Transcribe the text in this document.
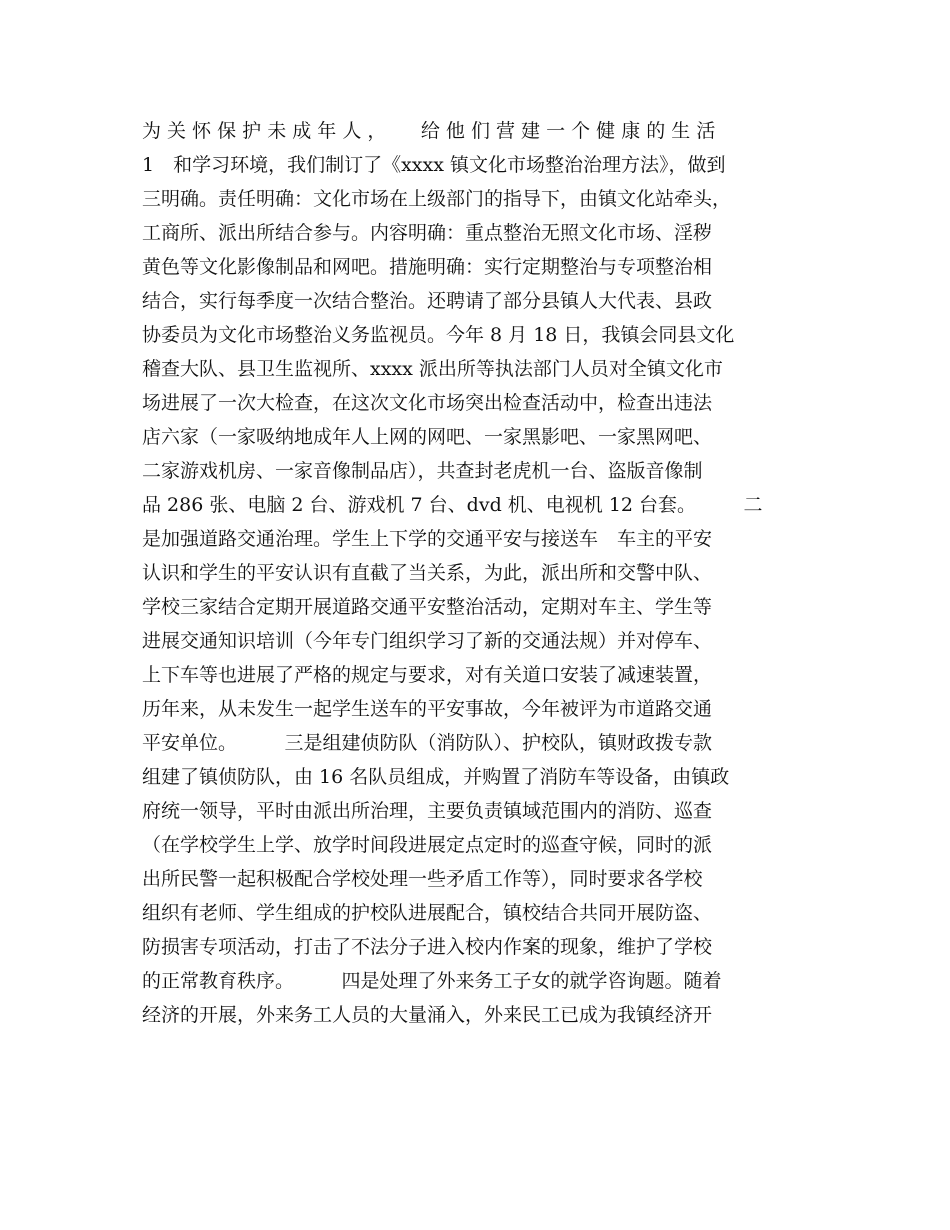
为 关 怀 保 护 未 成 年 人 ，　　 给 他 们 营 建 一 个 健 康 的 生 活
1　和学习环境，我们制订了《xxxx 镇文化市场整治治理方法》，做到
三明确。责任明确：文化市场在上级部门的指导下，由镇文化站牵头，
工商所、派出所结合参与。内容明确：重点整治无照文化市场、淫秽
黄色等文化影像制品和网吧。措施明确：实行定期整治与专项整治相
结合，实行每季度一次结合整治。还聘请了部分县镇人大代表、县政
协委员为文化市场整治义务监视员。今年 8 月 18 日，我镇会同县文化
稽查大队、县卫生监视所、xxxx 派出所等执法部门人员对全镇文化市
场进展了一次大检查，在这次文化市场突出检查活动中，检查出违法
店六家（一家吸纳地成年人上网的网吧、一家黑影吧、一家黑网吧、
二家游戏机房、一家音像制品店），共查封老虎机一台、盗版音像制
品 286 张、电脑 2 台、游戏机 7 台、dvd 机、电视机 12 台套。　　　二
是加强道路交通治理。学生上下学的交通平安与接送车　车主的平安
认识和学生的平安认识有直截了当关系，为此，派出所和交警中队、
学校三家结合定期开展道路交通平安整治活动，定期对车主、学生等
进展交通知识培训（今年专门组织学习了新的交通法规）并对停车、
上下车等也进展了严格的规定与要求，对有关道口安装了减速装置，
历年来，从未发生一起学生送车的平安事故，今年被评为市道路交通
平安单位。　　　三是组建侦防队（消防队）、护校队，镇财政拨专款
组建了镇侦防队，由 16 名队员组成，并购置了消防车等设备，由镇政
府统一领导，平时由派出所治理，主要负责镇域范围内的消防、巡查
（在学校学生上学、放学时间段进展定点定时的巡查守候，同时的派
出所民警一起积极配合学校处理一些矛盾工作等），同时要求各学校
组织有老师、学生组成的护校队进展配合，镇校结合共同开展防盗、
防损害专项活动，打击了不法分子进入校内作案的现象，维护了学校
的正常教育秩序。　　　四是处理了外来务工子女的就学咨询题。随着
经济的开展，外来务工人员的大量涌入，外来民工已成为我镇经济开
